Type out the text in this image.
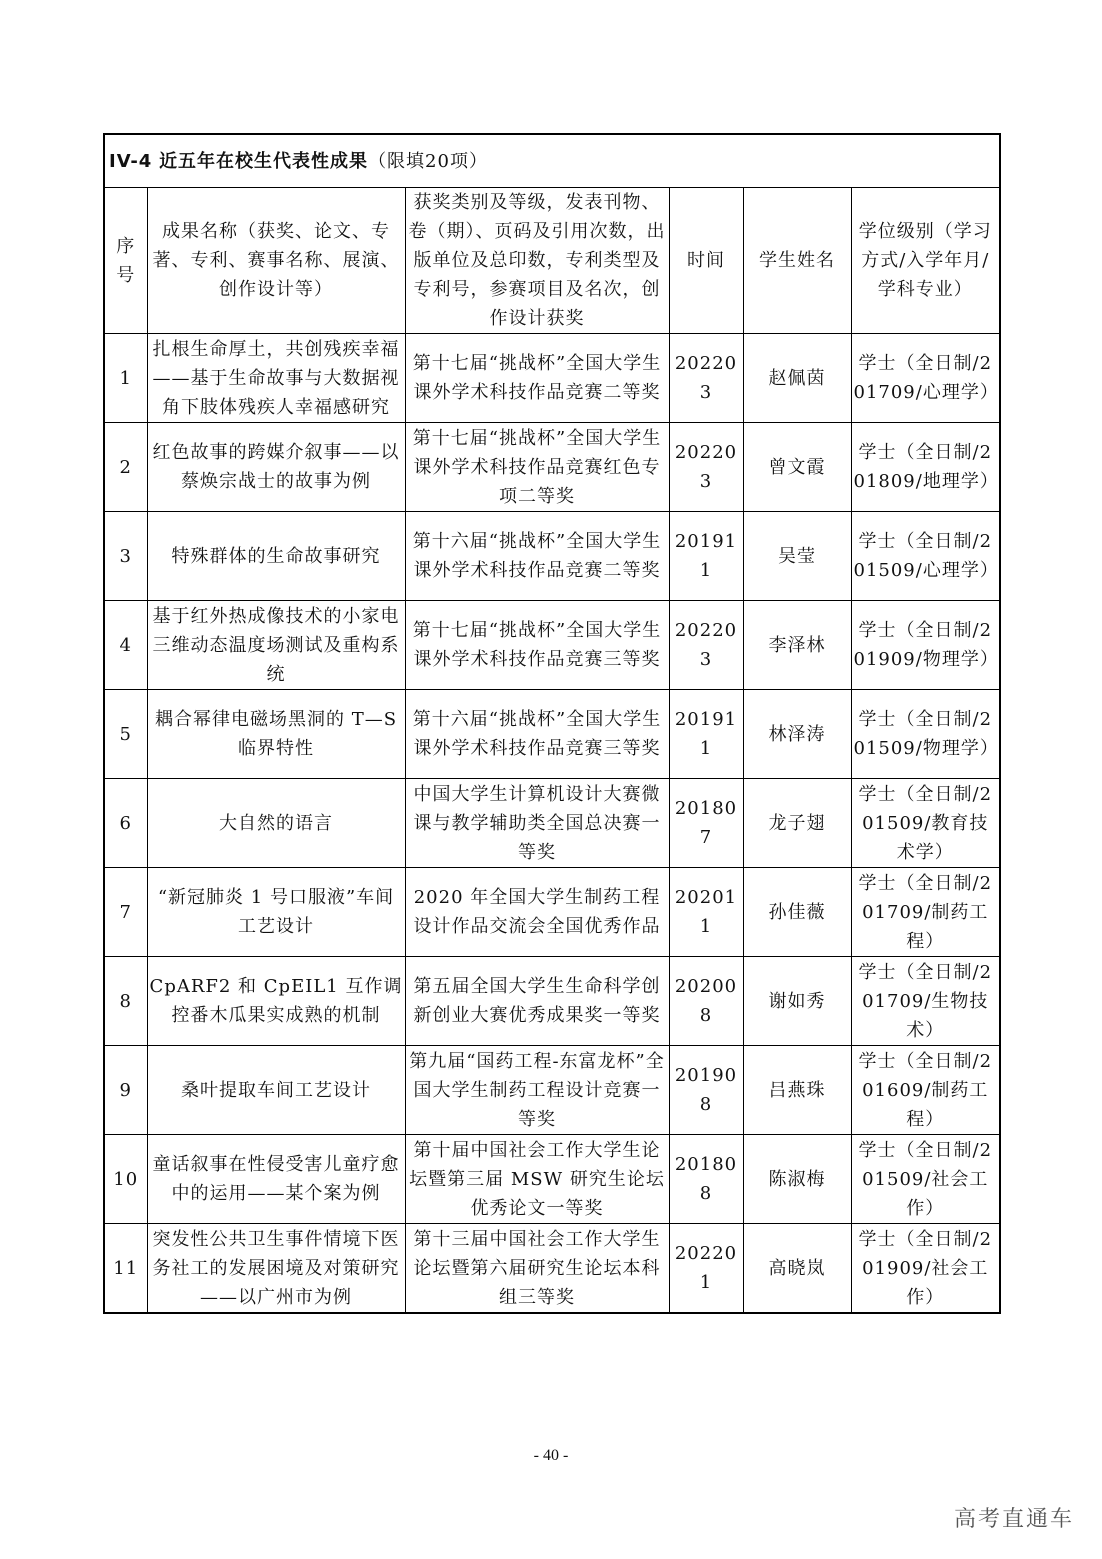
IV-4 近五年在校生代表性成果（限填20项）					
序号	成果名称（获奖、论文、专著、专利、赛事名称、展演、创作设计等）	获奖类别及等级，发表刊物、卷（期）、页码及引用次数，出版单位及总印数，专利类型及专利号，参赛项目及名次，创作设计获奖	时间	学生姓名	学位级别（学习方式/入学年月/学科专业）
1	扎根生命厚土，共创残疾幸福——基于生命故事与大数据视角下肢体残疾人幸福感研究	第十七届“挑战杯”全国大学生课外学术科技作品竞赛二等奖	202203	赵佩茵	学士（全日制/201709/心理学）
2	红色故事的跨媒介叙事——以蔡焕宗战士的故事为例	第十七届“挑战杯”全国大学生课外学术科技作品竞赛红色专项二等奖	202203	曾文霞	学士（全日制/201809/地理学）
3	特殊群体的生命故事研究	第十六届“挑战杯”全国大学生课外学术科技作品竞赛二等奖	201911	吴莹	学士（全日制/201509/心理学）
4	基于红外热成像技术的小家电三维动态温度场测试及重构系统	第十七届“挑战杯”全国大学生课外学术科技作品竞赛三等奖	202203	李泽林	学士（全日制/201909/物理学）
5	耦合幂律电磁场黑洞的 T—S 临界特性	第十六届“挑战杯”全国大学生课外学术科技作品竞赛三等奖	201911	林泽涛	学士（全日制/201509/物理学）
6	大自然的语言	中国大学生计算机设计大赛微课与教学辅助类全国总决赛一等奖	201807	龙子翅	学士（全日制/201509/教育技术学）
7	“新冠肺炎 1 号口服液”车间工艺设计	2020 年全国大学生制药工程设计作品交流会全国优秀作品	202011	孙佳薇	学士（全日制/201709/制药工程）
8	CpARF2 和 CpEIL1 互作调控番木瓜果实成熟的机制	第五届全国大学生生命科学创新创业大赛优秀成果奖一等奖	202008	谢如秀	学士（全日制/201709/生物技术）
9	桑叶提取车间工艺设计	第九届“国药工程-东富龙杯”全国大学生制药工程设计竞赛一等奖	201908	吕燕珠	学士（全日制/201609/制药工程）
10	童话叙事在性侵受害儿童疗愈中的运用——某个案为例	第十届中国社会工作大学生论坛暨第三届 MSW 研究生论坛优秀论文一等奖	201808	陈淑梅	学士（全日制/201509/社会工作）
11	突发性公共卫生事件情境下医务社工的发展困境及对策研究——以广州市为例	第十三届中国社会工作大学生论坛暨第六届研究生论坛本科组三等奖	202201	高晓岚	学士（全日制/201909/社会工作）
- 40 -
高考直通车
